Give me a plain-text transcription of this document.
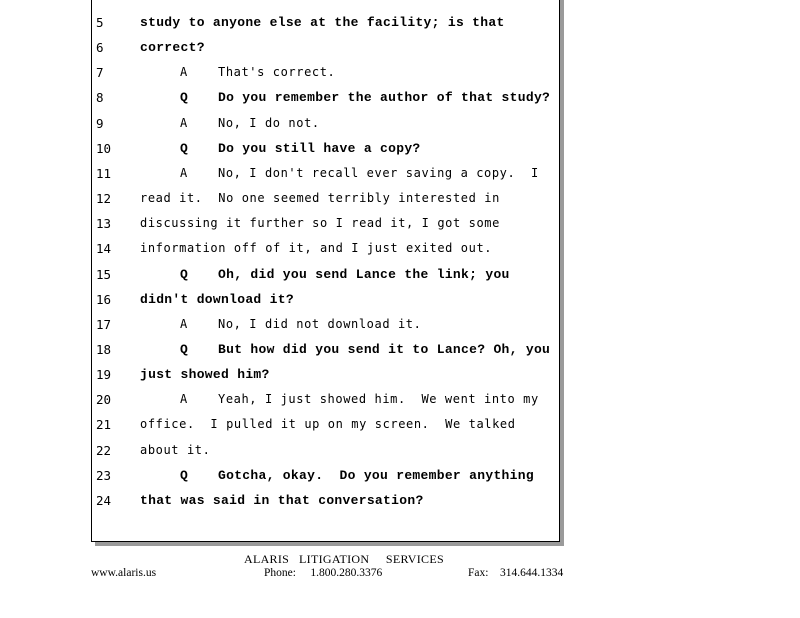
5	study to anyone else at the facility; is that
6	correct?
7	A	That's correct.
8	Q Do you remember the author of that study?
9	A	No, I do not.
10	Q Do you still have a copy?
11	A	No, I don't recall ever saving a copy.  I
12	read it.  No one seemed terribly interested in
13	discussing it further so I read it, I got some
14	information off of it, and I just exited out.
15	Q Oh, did you send Lance the link; you
16	didn't download it?
17	A	No, I did not download it.
18	Q But how did you send it to Lance? Oh, you
19	just showed him?
20	A	Yeah, I just showed him.  We went into my
21	office.  I pulled it up on my screen.  We talked
22	about it.
23	Q Gotcha, okay.  Do you remember anything
24	that was said in that conversation?
ALARIS   LITIGATION     SERVICES
www.alaris.us	Phone:     1.800.280.3376	Fax:    314.644.1334
